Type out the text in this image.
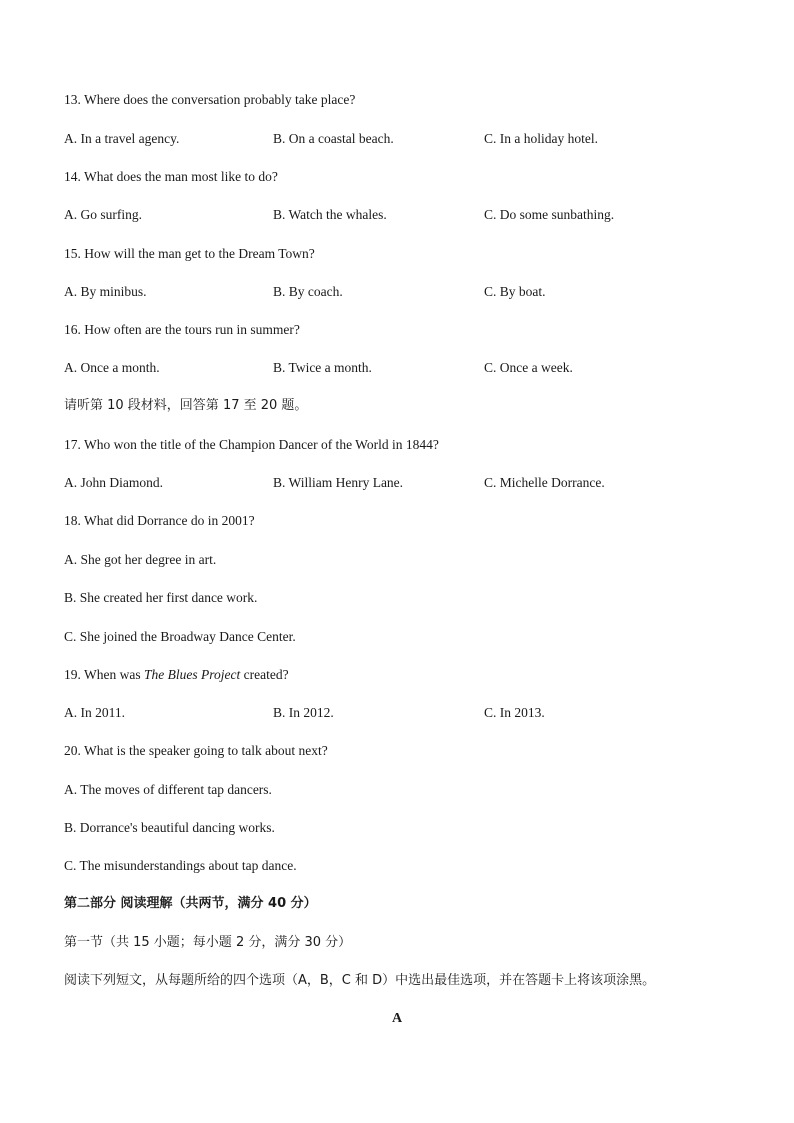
13. Where does the conversation probably take place?
A. In a travel agency.	B. On a coastal beach.	C. In a holiday hotel.
14. What does the man most like to do?
A. Go surfing.	B. Watch the whales.	C. Do some sunbathing.
15. How will the man get to the Dream Town?
A. By minibus.	B. By coach.	C. By boat.
16. How often are the tours run in summer?
A. Once a month.	B. Twice a month.	C. Once a week.
请听第 10 段材料，回答第 17 至 20 题。
17. Who won the title of the Champion Dancer of the World in 1844?
A. John Diamond.	B. William Henry Lane.	C. Michelle Dorrance.
18. What did Dorrance do in 2001?
A. She got her degree in art.
B. She created her first dance work.
C. She joined the Broadway Dance Center.
19. When was The Blues Project created?
A. In 2011.	B. In 2012.	C. In 2013.
20. What is the speaker going to talk about next?
A. The moves of different tap dancers.
B. Dorrance's beautiful dancing works.
C. The misunderstandings about tap dance.
第二部分 阅读理解（共两节，满分 40 分）
第一节（共 15 小题；每小题 2 分，满分 30 分）
阅读下列短文，从每题所给的四个选项（A，B，C 和 D）中选出最佳选项，并在答题卡上将该项涂黑。
A
